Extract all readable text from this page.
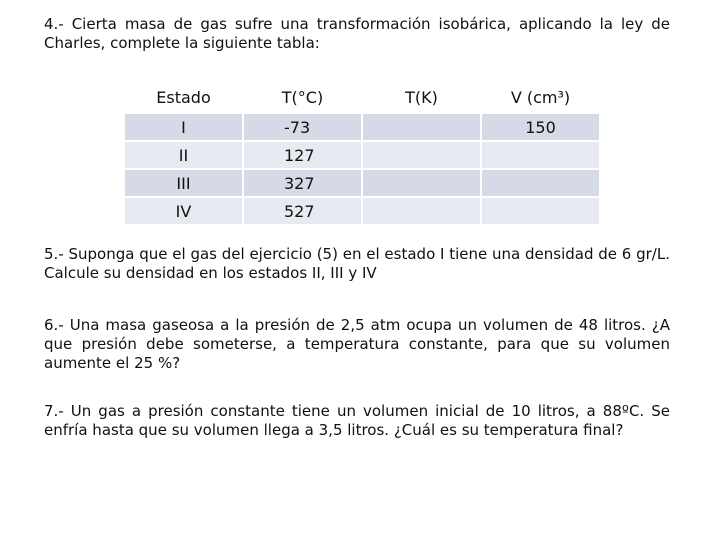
4.- Cierta masa de gas sufre una transformación isobárica, aplicando la ley de Charles, complete la siguiente tabla:

Estado	T(°C)	T(K)	V (cm³)
I	-73		150
II	127		
III	327		
IV	527		

5.- Suponga que el gas del ejercicio (5) en el estado I tiene una densidad de 6 gr/L. Calcule su densidad en los estados II, III y IV

6.- Una masa gaseosa a la presión de 2,5 atm ocupa un volumen de 48 litros. ¿A que presión debe someterse, a temperatura constante, para que su volumen aumente el 25 %?

7.- Un gas a presión constante tiene un volumen inicial de 10 litros, a 88ºC. Se enfría hasta que su volumen llega a 3,5 litros. ¿Cuál es su temperatura final?
